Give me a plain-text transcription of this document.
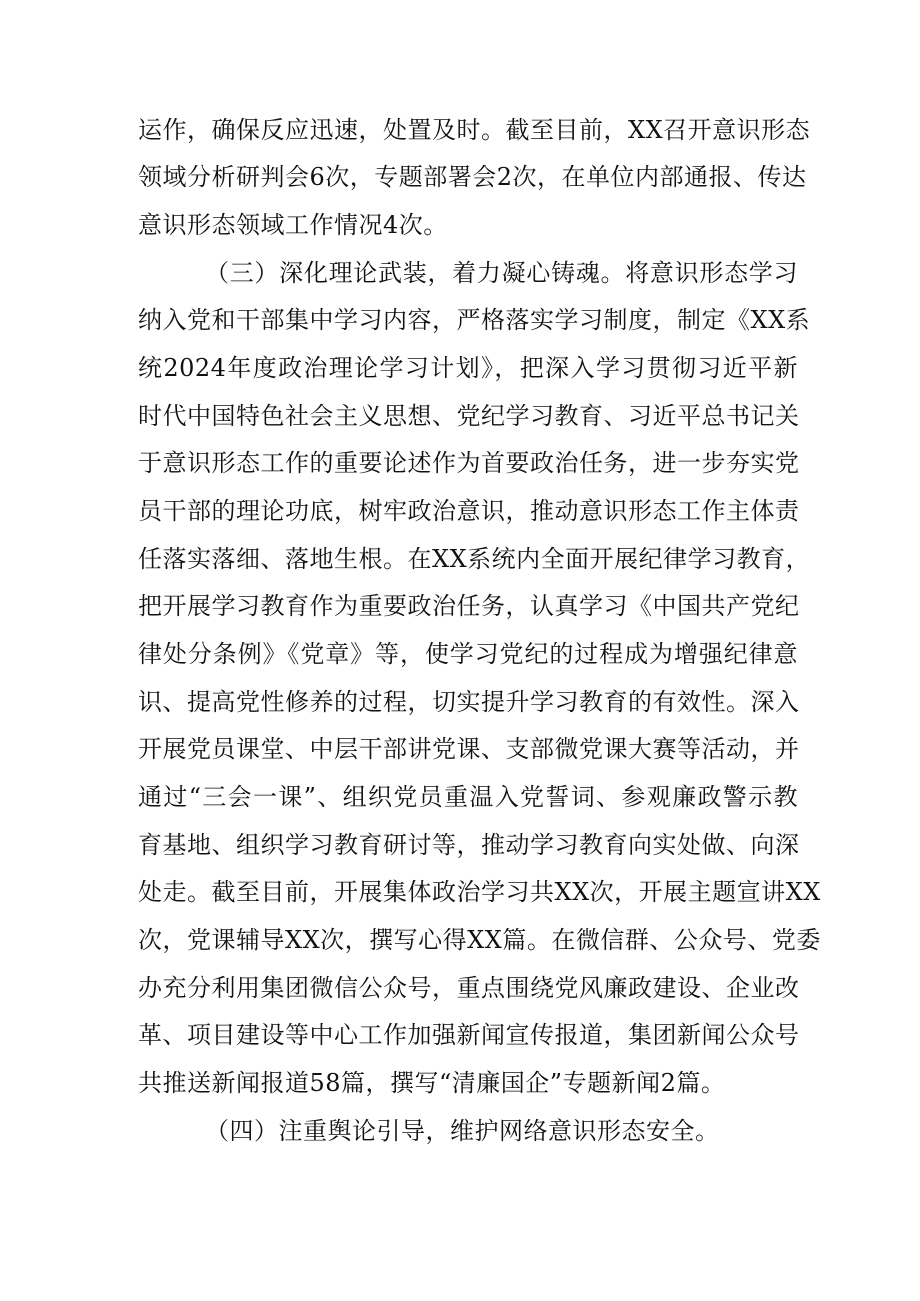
运作，确保反应迅速，处置及时。截至目前，XX召开意识形态
领域分析研判会6次，专题部署会2次，在单位内部通报、传达
意识形态领域工作情况4次。
（三）深化理论武装，着力凝心铸魂。将意识形态学习
纳入党和干部集中学习内容，严格落实学习制度，制定《XX系
统2024年度政治理论学习计划》，把深入学习贯彻习近平新
时代中国特色社会主义思想、党纪学习教育、习近平总书记关
于意识形态工作的重要论述作为首要政治任务，进一步夯实党
员干部的理论功底，树牢政治意识，推动意识形态工作主体责
任落实落细、落地生根。在XX系统内全面开展纪律学习教育，
把开展学习教育作为重要政治任务，认真学习《中国共产党纪
律处分条例》《党章》等，使学习党纪的过程成为增强纪律意
识、提高党性修养的过程，切实提升学习教育的有效性。深入
开展党员课堂、中层干部讲党课、支部微党课大赛等活动，并
通过“三会一课”、组织党员重温入党誓词、参观廉政警示教
育基地、组织学习教育研讨等，推动学习教育向实处做、向深
处走。截至目前，开展集体政治学习共XX次，开展主题宣讲XX
次，党课辅导XX次，撰写心得XX篇。在微信群、公众号、党委
办充分利用集团微信公众号，重点围绕党风廉政建设、企业改
革、项目建设等中心工作加强新闻宣传报道，集团新闻公众号
共推送新闻报道58篇，撰写“清廉国企”专题新闻2篇。
（四）注重舆论引导，维护网络意识形态安全。
